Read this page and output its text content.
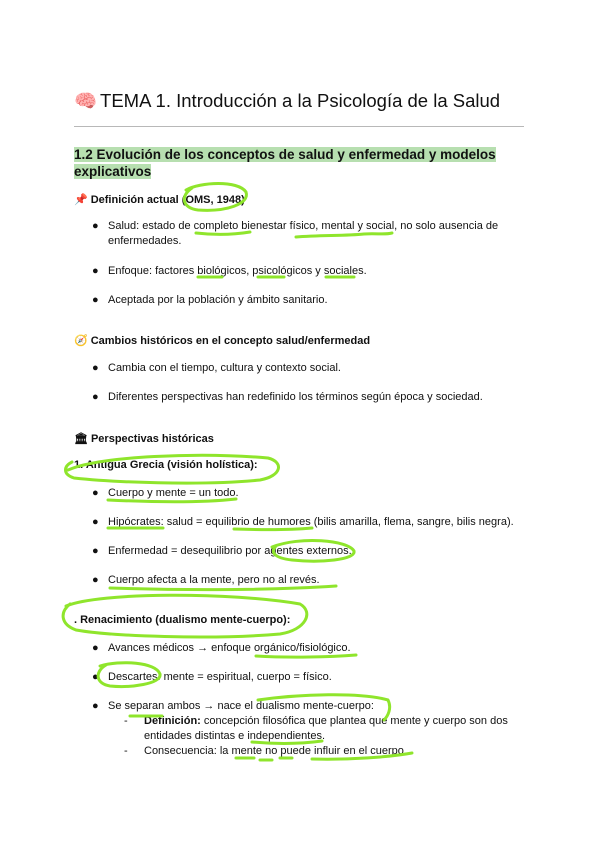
🧠 TEMA 1. Introducción a la Psicología de la Salud
1.2 Evolución de los conceptos de salud y enfermedad y modelos explicativos
📌 Definición actual (OMS, 1948)
● Salud: estado de completo bienestar físico, mental y social, no solo ausencia de enfermedades.
● Enfoque: factores biológicos, psicológicos y sociales.
● Aceptada por la población y ámbito sanitario.
🧭 Cambios históricos en el concepto salud/enfermedad
● Cambia con el tiempo, cultura y contexto social.
● Diferentes perspectivas han redefinido los términos según época y sociedad.
🏛 Perspectivas históricas
1. Antigua Grecia (visión holística):
● Cuerpo y mente = un todo.
● Hipócrates: salud = equilibrio de humores (bilis amarilla, flema, sangre, bilis negra).
● Enfermedad = desequilibrio por agentes externos.
● Cuerpo afecta a la mente, pero no al revés.
. Renacimiento (dualismo mente-cuerpo):
● Avances médicos → enfoque orgánico/fisiológico.
● Descartes: mente = espiritual, cuerpo = físico.
● Se separan ambos → nace el dualismo mente-cuerpo:
- Definición: concepción filosófica que plantea que mente y cuerpo son dos entidades distintas e independientes.
- Consecuencia: la mente no puede influir en el cuerpo.
